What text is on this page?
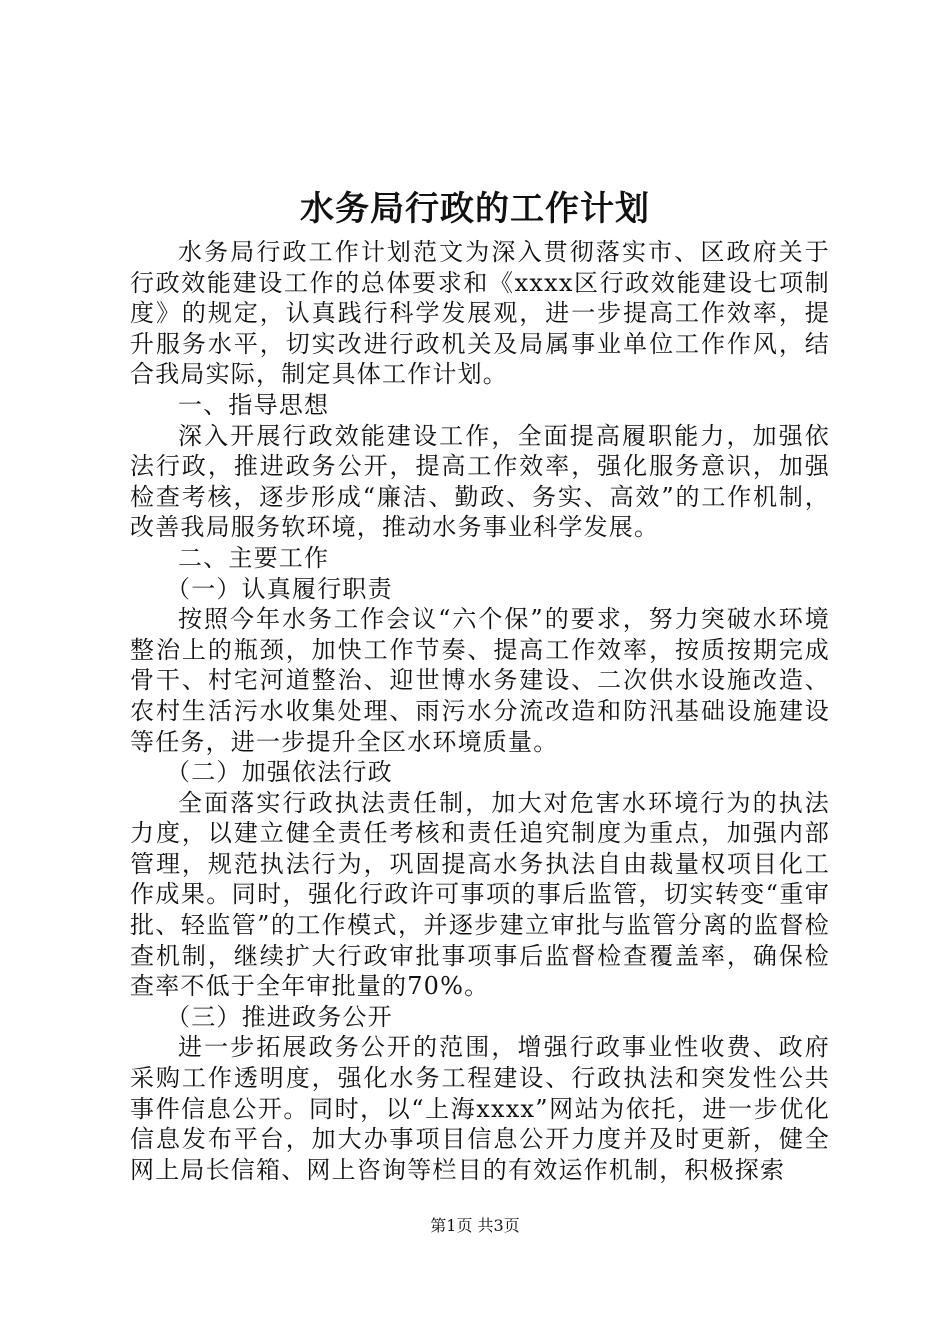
水务局行政的工作计划

水务局行政工作计划范文为深入贯彻落实市、区政府关于行政效能建设工作的总体要求和《xxxx区行政效能建设七项制度》的规定，认真践行科学发展观，进一步提高工作效率，提升服务水平，切实改进行政机关及局属事业单位工作作风，结合我局实际，制定具体工作计划。

一、指导思想

深入开展行政效能建设工作，全面提高履职能力，加强依法行政，推进政务公开，提高工作效率，强化服务意识，加强检查考核，逐步形成“廉洁、勤政、务实、高效”的工作机制，改善我局服务软环境，推动水务事业科学发展。

二、主要工作

（一）认真履行职责

按照今年水务工作会议“六个保”的要求，努力突破水环境整治上的瓶颈，加快工作节奏、提高工作效率，按质按期完成骨干、村宅河道整治、迎世博水务建设、二次供水设施改造、农村生活污水收集处理、雨污水分流改造和防汛基础设施建设等任务，进一步提升全区水环境质量。

（二）加强依法行政

全面落实行政执法责任制，加大对危害水环境行为的执法力度，以建立健全责任考核和责任追究制度为重点，加强内部管理，规范执法行为，巩固提高水务执法自由裁量权项目化工作成果。同时，强化行政许可事项的事后监管，切实转变“重审批、轻监管”的工作模式，并逐步建立审批与监管分离的监督检查机制，继续扩大行政审批事项事后监督检查覆盖率，确保检查率不低于全年审批量的70%。

（三）推进政务公开

进一步拓展政务公开的范围，增强行政事业性收费、政府采购工作透明度，强化水务工程建设、行政执法和突发性公共事件信息公开。同时，以“上海xxxx”网站为依托，进一步优化信息发布平台，加大办事项目信息公开力度并及时更新，健全网上局长信箱、网上咨询等栏目的有效运作机制，积极探索

第1页 共3页
